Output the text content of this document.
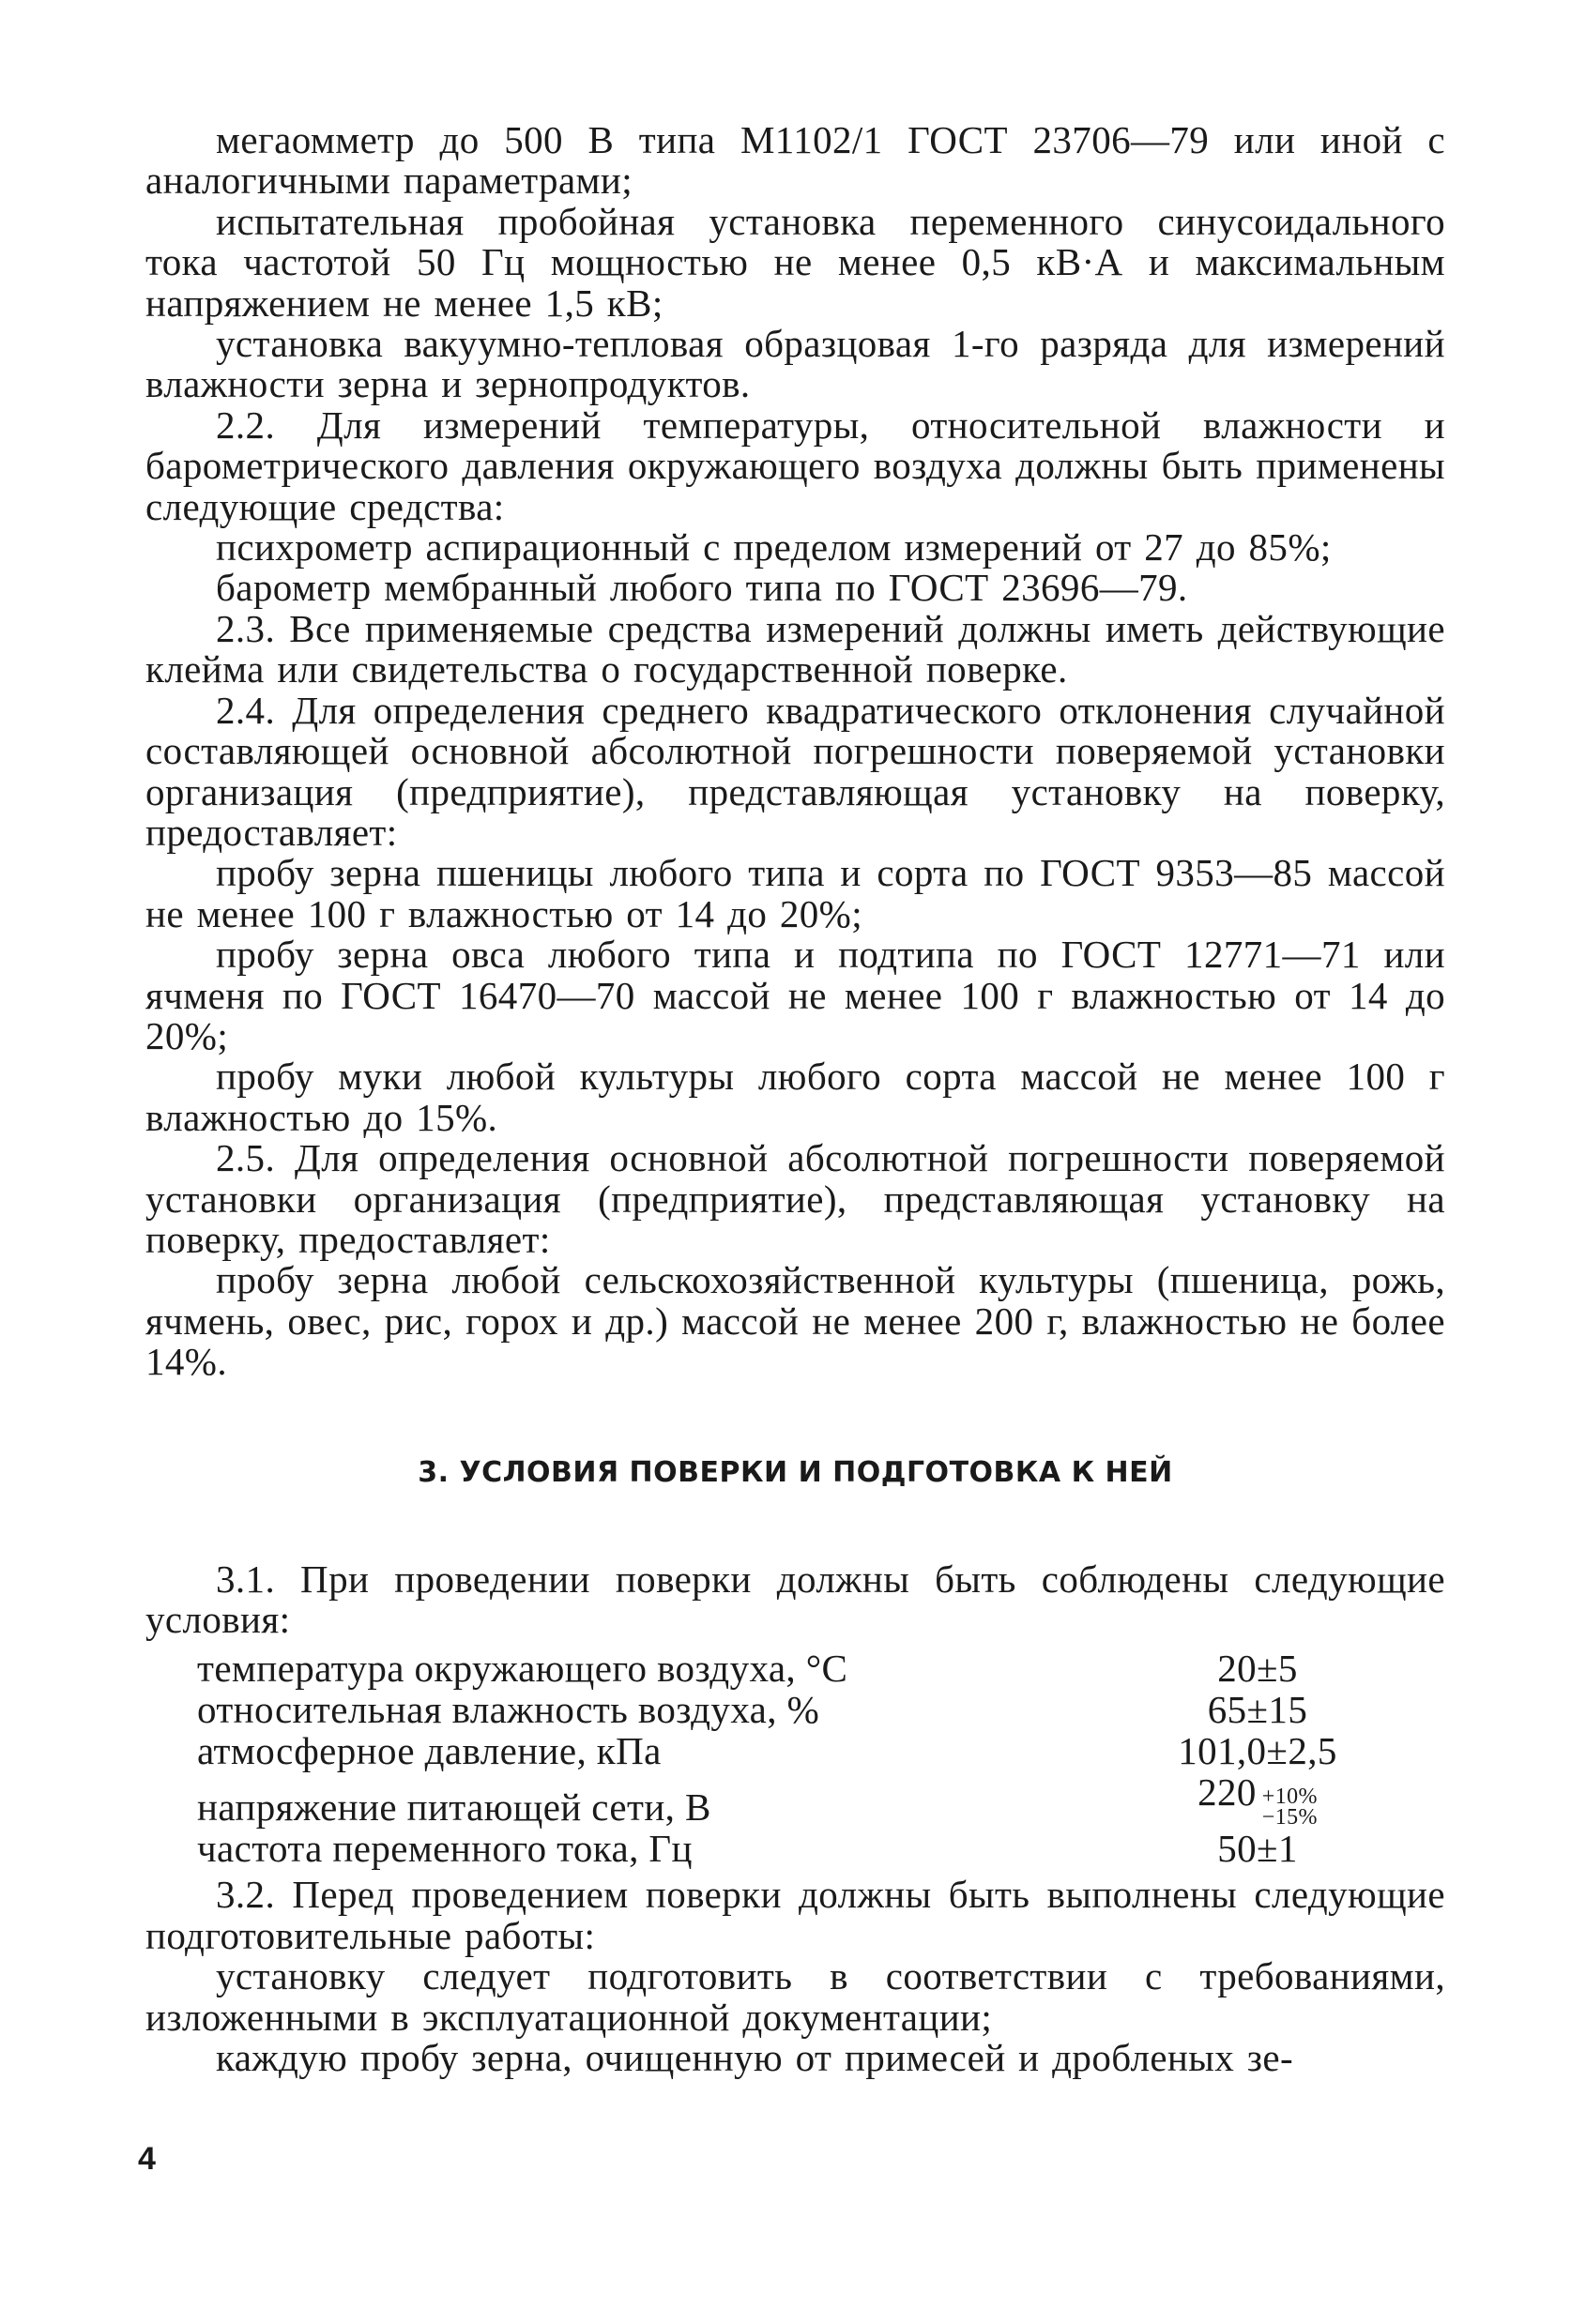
мегаомметр до 500 В типа М1102/1 ГОСТ 23706—79 или иной с аналогичными параметрами;

испытательная пробойная установка переменного синусоидального тока частотой 50 Гц мощностью не менее 0,5 кВ·А и максимальным напряжением не менее 1,5 кВ;

установка вакуумно-тепловая образцовая 1-го разряда для измерений влажности зерна и зернопродуктов.

2.2. Для измерений температуры, относительной влажности и барометрического давления окружающего воздуха должны быть применены следующие средства:

психрометр аспирационный с пределом измерений от 27 до 85%;

барометр мембранный любого типа по ГОСТ 23696—79.

2.3. Все применяемые средства измерений должны иметь действующие клейма или свидетельства о государственной поверке.

2.4. Для определения среднего квадратического отклонения случайной составляющей основной абсолютной погрешности поверяемой установки организация (предприятие), представляющая установку на поверку, предоставляет:

пробу зерна пшеницы любого типа и сорта по ГОСТ 9353—85 массой не менее 100 г влажностью от 14 до 20%;

пробу зерна овса любого типа и подтипа по ГОСТ 12771—71 или ячменя по ГОСТ 16470—70 массой не менее 100 г влажностью от 14 до 20%;

пробу муки любой культуры любого сорта массой не менее 100 г влажностью до 15%.

2.5. Для определения основной абсолютной погрешности поверяемой установки организация (предприятие), представляющая установку на поверку, предоставляет:

пробу зерна любой сельскохозяйственной культуры (пшеница, рожь, ячмень, овес, рис, горох и др.) массой не менее 200 г, влажностью не более 14%.

3. УСЛОВИЯ ПОВЕРКИ И ПОДГОТОВКА К НЕЙ

3.1. При проведении поверки должны быть соблюдены следующие условия:

температура окружающего воздуха, °С	20±5
относительная влажность воздуха, %	65±15
атмосферное давление, кПа	101,0±2,5
напряжение питающей сети, В	220 +10%
−15%

частота переменного тока, Гц	50±1

3.2. Перед проведением поверки должны быть выполнены следующие подготовительные работы:

установку следует подготовить в соответствии с требованиями, изложенными в эксплуатационной документации;

каждую пробу зерна, очищенную от примесей и дробленых зе-

4
